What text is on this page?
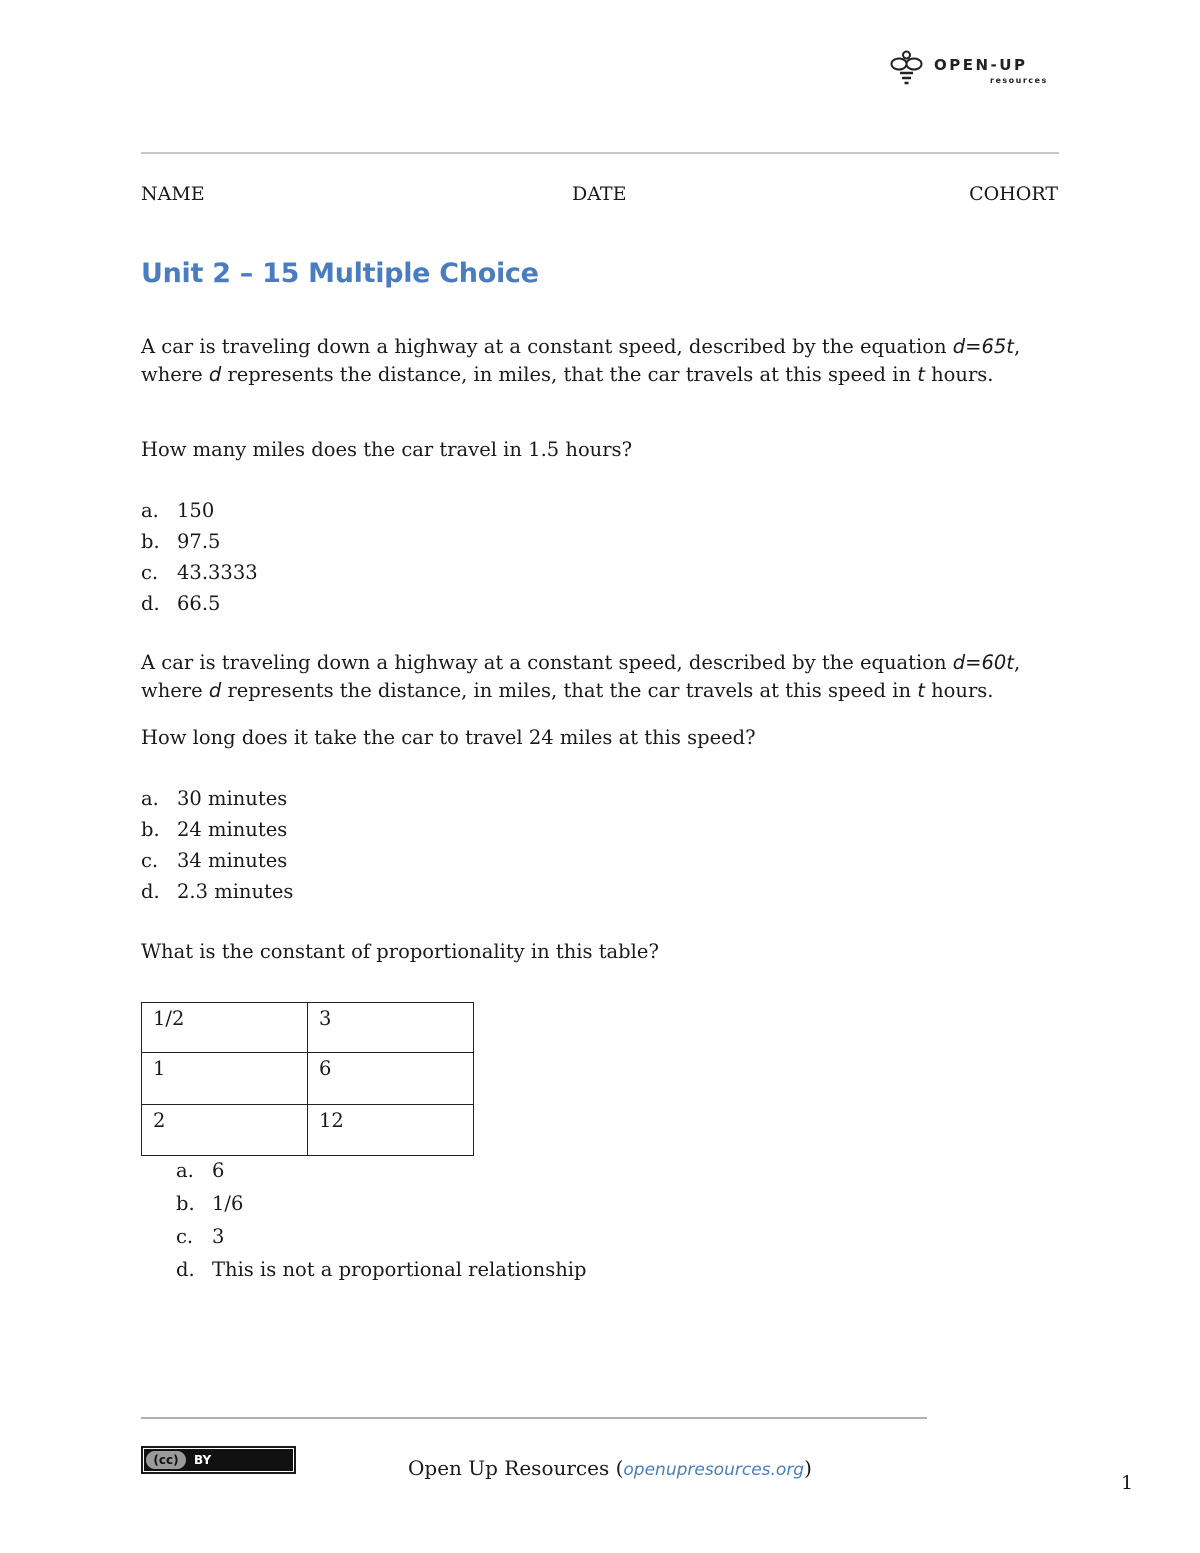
OPEN-UP
resources
NAME	DATE	COHORT
Unit 2 – 15 Multiple Choice
A car is traveling down a highway at a constant speed, described by the equation d=65t,
where d represents the distance, in miles, that the car travels at this speed in t hours.
How many miles does the car travel in 1.5 hours?
a. 150
b. 97.5
c. 43.3333
d. 66.5
A car is traveling down a highway at a constant speed, described by the equation d=60t,
where d represents the distance, in miles, that the car travels at this speed in t hours.
How long does it take the car to travel 24 miles at this speed?
a. 30 minutes
b. 24 minutes
c. 34 minutes
d. 2.3 minutes
What is the constant of proportionality in this table?
1/2	3
1	6
2	12
a. 6
b. 1/6
c. 3
d. This is not a proportional relationship
(cc)	BY	Open Up Resources (openupresources.org)
1
